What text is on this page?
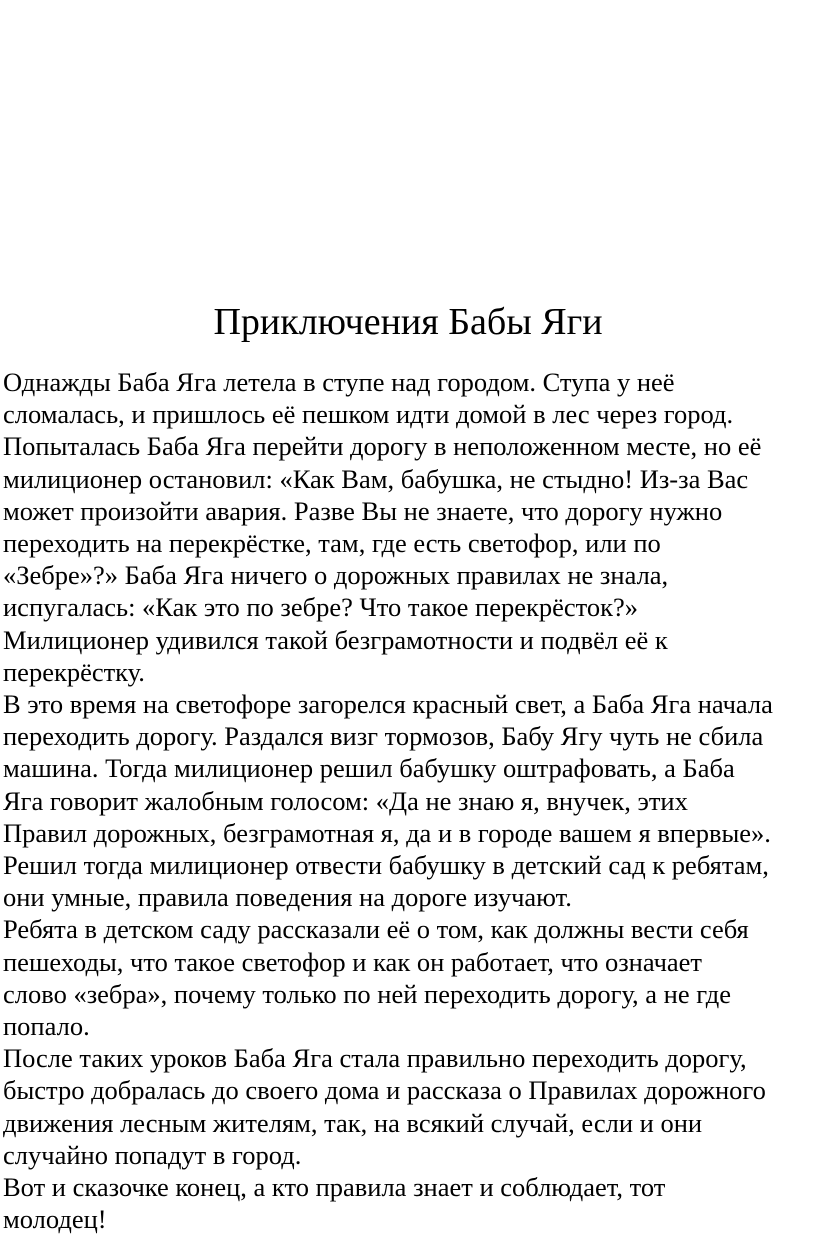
Приключения Бабы Яги
Однажды Баба Яга летела в ступе над городом. Ступа у неё
сломалась, и пришлось её пешком идти домой в лес через город.
Попыталась Баба Яга перейти дорогу в неположенном месте, но её
милиционер остановил: «Как Вам, бабушка, не стыдно! Из-за Вас
может произойти авария. Разве Вы не знаете, что дорогу нужно
переходить на перекрёстке, там, где есть светофор, или по
«Зебре»?» Баба Яга ничего о дорожных правилах не знала,
испугалась: «Как это по зебре? Что такое перекрёсток?»
Милиционер удивился такой безграмотности и подвёл её к
перекрёстку.
В это время на светофоре загорелся красный свет, а Баба Яга начала
переходить дорогу. Раздался визг тормозов, Бабу Ягу чуть не сбила
машина. Тогда милиционер решил бабушку оштрафовать, а Баба
Яга говорит жалобным голосом: «Да не знаю я, внучек, этих
Правил дорожных, безграмотная я, да и в городе вашем я впервые».
Решил тогда милиционер отвести бабушку в детский сад к ребятам,
они умные, правила поведения на дороге изучают.
Ребята в детском саду рассказали её о том, как должны вести себя
пешеходы, что такое светофор и как он работает, что означает
слово «зебра», почему только по ней переходить дорогу, а не где
попало.
После таких уроков Баба Яга стала правильно переходить дорогу,
быстро добралась до своего дома и рассказа о Правилах дорожного
движения лесным жителям, так, на всякий случай, если и они
случайно попадут в город.
Вот и сказочке конец, а кто правила знает и соблюдает, тот
молодец!
